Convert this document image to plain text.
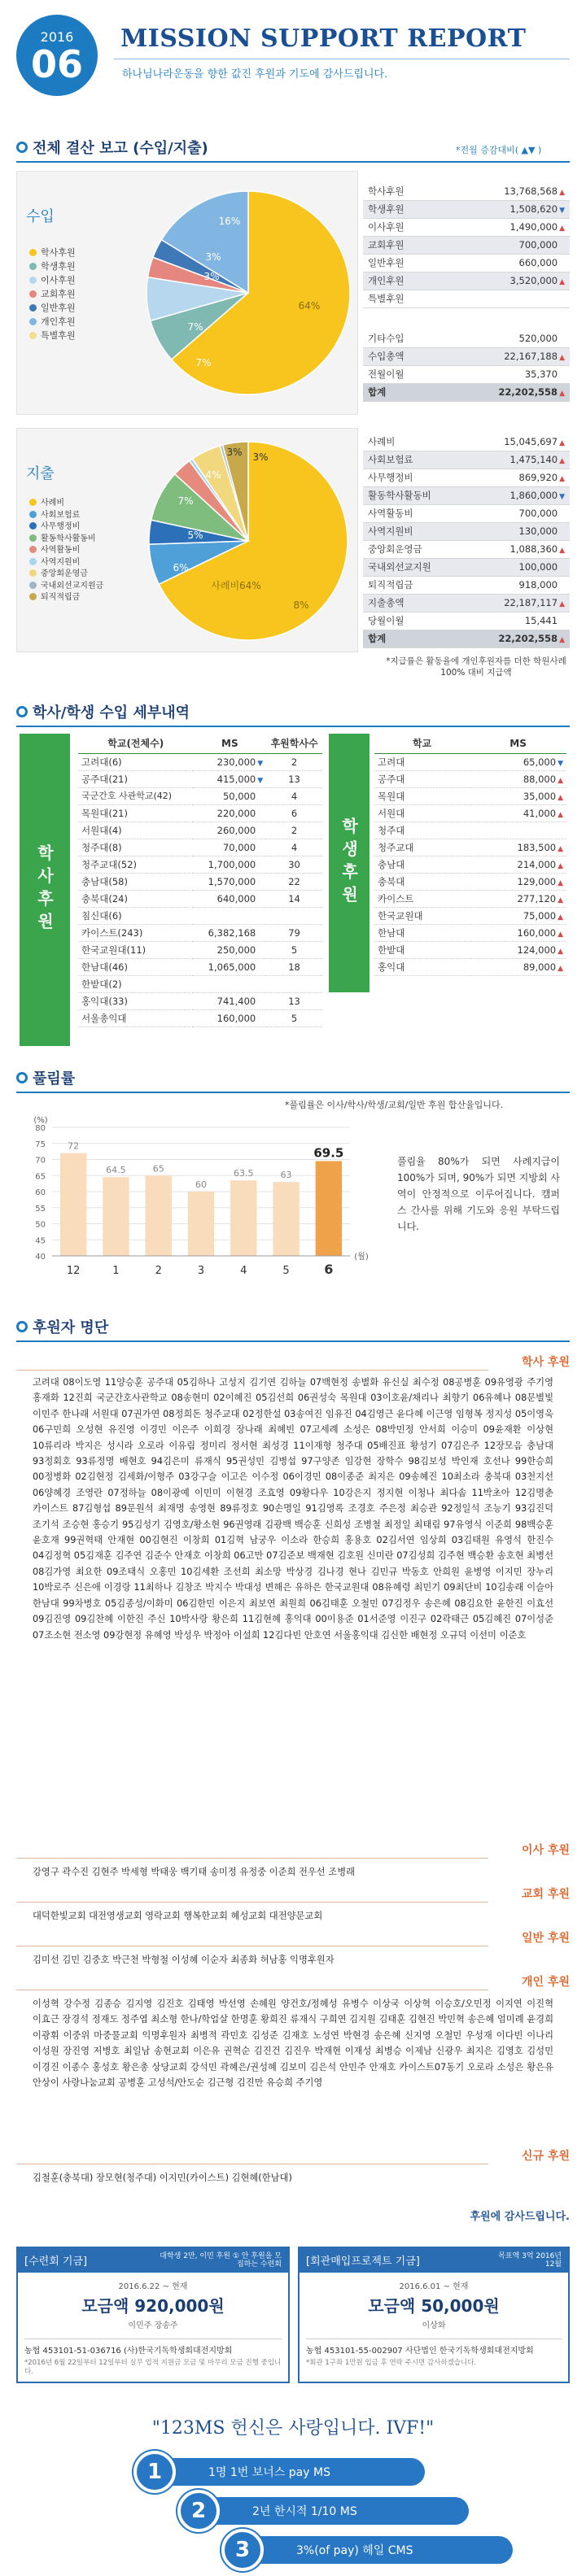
2016
06
MISSION SUPPORT REPORT
하나님나라운동을 향한 값진 후원과 기도에 감사드립니다.
전체 결산 보고 (수입/지출)	*전월 증감대비( ▲▼ )
수입
학사후원
학생후원
이사후원
교회후원
일반후원
개인후원
특별후원
64%
16%
7%
7%
3%
3%
학사후원	13,768,568 ▲
학생후원	1,508,620 ▼
이사후원	1,490,000 ▲
교회후원	700,000
일반후원	660,000
개인후원	3,520,000 ▲
특별후원	
기타수입	520,000
수입총액	22,167,188 ▲
전월이월	35,370
합계	22,202,558 ▲
지출
사례비
사회보험료
사무행정비
활동학사활동비
사역활동비
사역지원비
중앙회운영금
국내외선교지원금
퇴직적립금
사례비64%
8%
7%
6%
5%
4%
3%
3%
사례비	15,045,697 ▲
사회보험료	1,475,140 ▲
사무행정비	869,920 ▲
활동학사활동비	1,860,000 ▼
사역활동비	700,000
사역지원비	130,000
중앙회운영금	1,088,360 ▲
국내외선교지원	100,000
퇴직적립금	918,000
지출총액	22,187,117 ▲
당월이월	15,441
합계	22,202,558 ▲
*지급률은 활동율에 개인후원자를 더한 학원사례 100% 대비 지급액
학사/학생 수입 세부내역
학사후원
학교(전체수)	MS	후원학사수
고려대(6)	230,000 ▼	2
공주대(21)	415,000 ▼	13
국군간호 사관학교(42)	50,000	4
목원대(21)	220,000	6
서원대(4)	260,000	2
청주대(8)	70,000	4
청주교대(52)	1,700,000	30
충남대(58)	1,570,000	22
충북대(24)	640,000	14
침신대(6)		
카이스트(243)	6,382,168	79
한국교원대(11)	250,000	5
한남대(46)	1,065,000	18
한밭대(2)		
홍익대(33)	741,400	13
서울총익대	160,000	5
학생후원
학교	MS
고려대	65,000 ▼
공주대	88,000 ▲
목원대	35,000 ▲
서원대	41,000 ▲
청주대	
청주교대	183,500 ▲
충남대	214,000 ▲
충북대	129,000 ▲
카이스트	277,120 ▲
한국교원대	75,000 ▲
한남대	160,000 ▲
한밭대	124,000 ▲
홍익대	89,000 ▲
풀림률
*풀림률은 이사/학사/학생/교회/일반 후원 합산율입니다.
(%)
40
45
50
55
60
65
70
75
80
72
12
64.5
1
65
2
60
3
63.5
4
63
5
69.5
6
(월)
풀림율 80%가 되면 사례지급이 100%가 되며, 90%가 되면 지방회 사역이 안정적으로 이루어집니다. 캠퍼스 간사를 위해 기도와 응원 부탁드립니다.
후원자 명단
학사 후원
고려대 08이도영 11양승훈 공주대 05김하나 고성지 김기연 김하늘 07백현정 송별화 유신실 최수정 08공병훈 09유영광 주기영 홍재화 12진희 국군간호사관학교 08송현미 02이혜진 05김선희 06권성숙 목원대 03이호윤/채리나 최향기 06유혜나 08문별빛 이민주 한나래 서원대 07권가연 08정희돈 청주교대 02정한설 03송여진 임유진 04김영근 윤다혜 이근영 임형복 정지성 05이영욱 06구민희 오성현 유진영 이경민 이은주 이희경 장나래 최혜빈 07고세례 소성은 08박민정 안서희 이승미 09윤재환 이상현 10류리라 박지은 성시라 오로라 이유림 정미리 정서현 최성경 11이재형 청주대 05배진표 황성기 07김은주 12장모음 충남대 93정회호 93류정명 배현호 94김은미 류재식 95권성민 김병섭 97구양존 임강현 장학수 98김보성 박인재 호선나 99한승희 00정병화 02김현정 김세화/이형주 03강구슬 이고은 이수정 06이경민 08이종준 최지은 09송혜진 10최소라 충북대 03천지선 06양혜경 조영란 07정하늘 08이광예 이민미 이현경 조효영 09황다우 10강은지 정지현 이청나 최다솜 11박초아 12김명춘 카이스트 87김형섭 89문원석 최재명 송영현 89류정호 90손명일 91김영록 조경호 주은정 최승관 92정일석 조능기 93김진덕 조기석 조승현 홍승기 95김성기 김영호/황소현 96권영래 김광백 백승훈 신희성 조병철 최정일 최태림 97유영식 이준희 98백승훈 윤호재 99권혁태 안재현 00김현진 이창희 01김혁 남궁우 이소라 한승희 홍용호 02김서연 임상희 03김태원 유영석 한진수 04김정혁 05김재훈 김주연 김준수 안재호 이창희 06고만 07김준보 백재현 김호원 신미란 07김성희 김주현 백승환 송호현 최병선 08김가영 최요한 09조태식 오홍민 10김세환 조선희 최소망 박상경 김나경 현나 김민규 박동호 안희원 윤병영 이지민 장누리 10박로주 신은애 이경랑 11최하나 김창조 박지수 박대성 변해은 유하은 한국교원대 08유혜령 최민기 09최단비 10김송래 이슬아 한남대 99차병호 05김종성/이화미 06김한민 이은지 최보연 최원희 06김태훈 오철민 07김정우 송은혜 08김요한 윤한진 이효선 09김진영 09김찬혜 이한진 주신 10박사랑 황은희 11김현혜 홍익대 00이용준 01서준영 이진구 02곽태근 05김혜진 07이성준 07조소현 전소영 09강현정 유혜영 박성우 박정아 이설희 12김다빈 안호연 서울홍익대 김신한 배현정 오규덕 이선미 이준호
이사 후원
강영구 곽수진 김현주 박세형 박태웅 백기태 송미정 유정중 이준희 전우선 조병래
교회 후원
대덕한빛교회 대전영생교회 영락교회 행복한교회 혜성교회 대전양문교회
일반 후원
김미선 김민 김중호 박근천 박형철 이성혜 이순자 최종화 허남홍 익명후원자
개인 후원
이성혁 강수정 김종승 김지영 김진호 김태영 박선영 손혜원 양건호/정혜성 유병수 이상국 이상혁 이승호/오민정 이지연 이진혁 이효근 장경석 정재도 정주엽 최소형 한나/학업살 한명훈 황희진 류재식 구희연 김지원 김태훈 김현진 박민혁 송은혜 엄미례 윤경희 이광휘 이중위 마중물교회 익명후원자 최병적 곽민호 김성준 김재호 노성연 박현경 송은혜 신지영 오철민 우성재 이다빈 이나리 이성원 장진영 저병호 최일남 송현교회 이은유 권혁순 김진건 김진우 박재현 이재성 최병승 이제남 신광우 최지은 김영호 김성민 이경진 이종수 홍성호 황은총 상당교회 강석민 곽혜은/권성혜 김보미 김은석 안민주 안재호 카이스트07동기 오로라 소성은 황은유 안상이 사랑나눔교회 공병훈 고성석/안도순 김근형 김진만 유승희 주기영
신규 후원
김철훈(충북대) 장모현(청주대) 이지민(카이스트) 김현혜(한남대)
후원에 감사드립니다.
[수련회 기금]	대학생 2만, 이민 후원 ① 안 후원을 모집하는 수련회
2016.6.22 ~ 현재
모금액 920,000원
이민주 장송주
농협 453101-51-036716 (사)한국기독학생회대전지방회
*2016년 6월 22일부터 12일부터 실무 업적 지원금 모금 및 마무리 모금 진행 중입니다.
[회관매입프로젝트 기금]	목표액 3억 2016년 12월
2016.6.01 ~ 현재
모금액 50,000원
이상화
농협 453101-55-002907 사단법인 한국기독학생회대전지방회
*회관 1구좌 1만원 입금 후 연락 주시면 감사하겠습니다.
"123MS 헌신은 사랑입니다. IVF!"
1명 1번 보너스 pay MS
1
2년 한시적 1/10 MS
2
3%(of pay) 헤일 CMS
3
